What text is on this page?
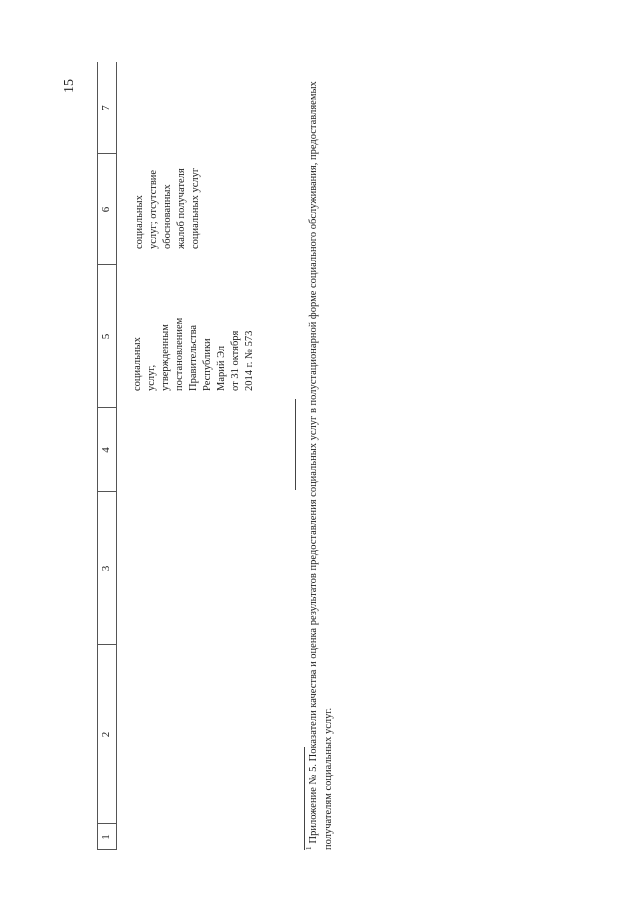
15
1
2
3
4
5
6
7
социальных услуг, утвержденным постановлением Правительства Республики Марий Эл от 31 октября 2014 г. № 573
социальных услуг; отсутствие обоснованных жалоб получателя социальных услуг
$^1$Приложение № 5. Показатели качества и оценка результатов предоставления социальных услуг в полустационарной форме социального обслуживания, предоставляемых получателям социальных услуг.
